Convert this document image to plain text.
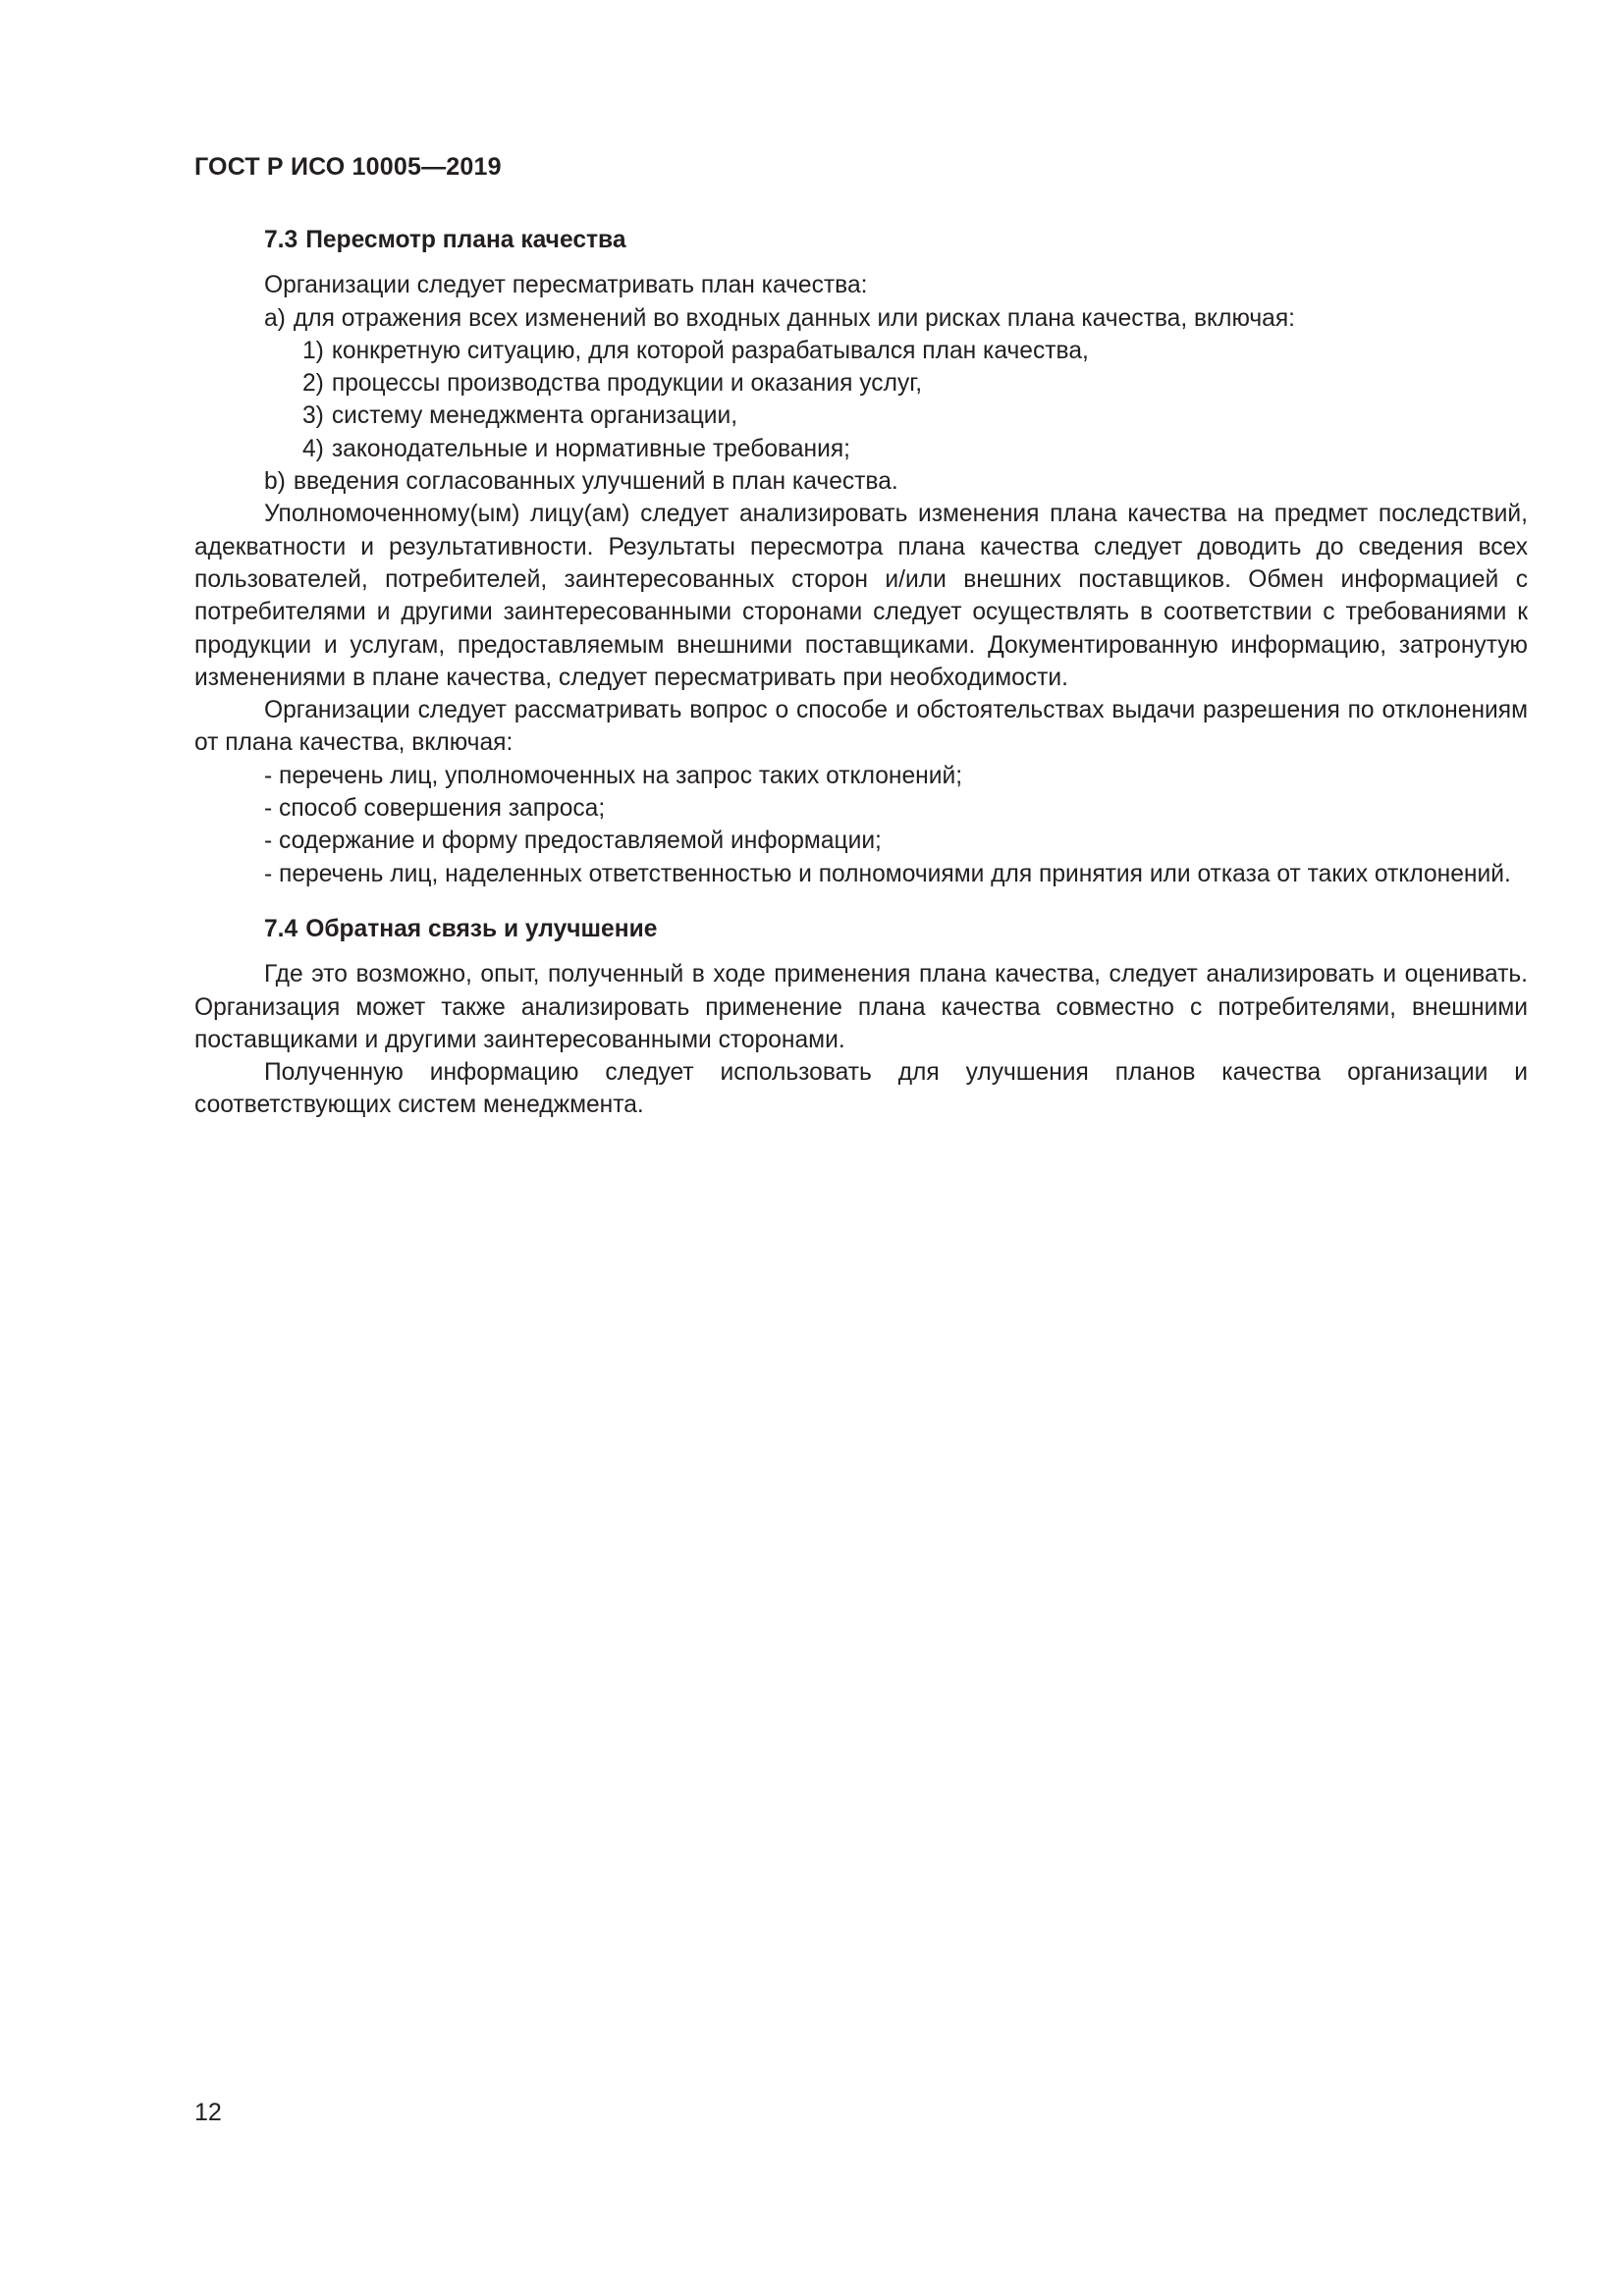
ГОСТ Р ИСО 10005—2019
7.3 Пересмотр плана качества

Организации следует пересматривать план качества:

a) для отражения всех изменений во входных данных или рисках плана качества, включая:
1) конкретную ситуацию, для которой разрабатывался план качества,
2) процессы производства продукции и оказания услуг,
3) систему менеджмента организации,
4) законодательные и нормативные требования;
b) введения согласованных улучшений в план качества.

Уполномоченному(ым) лицу(ам) следует анализировать изменения плана качества на предмет последствий, адекватности и результативности. Результаты пересмотра плана качества следует доводить до сведения всех пользователей, потребителей, заинтересованных сторон и/или внешних поставщиков. Обмен информацией с потребителями и другими заинтересованными сторонами следует осуществлять в соответствии с требованиями к продукции и услугам, предоставляемым внешними поставщиками. Документированную информацию, затронутую изменениями в плане качества, следует пересматривать при необходимости.

Организации следует рассматривать вопрос о способе и обстоятельствах выдачи разрешения по отклонениям от плана качества, включая:

- перечень лиц, уполномоченных на запрос таких отклонений;
- способ совершения запроса;
- содержание и форму предоставляемой информации;
- перечень лиц, наделенных ответственностью и полномочиями для принятия или отказа от таких отклонений.
7.4 Обратная связь и улучшение

Где это возможно, опыт, полученный в ходе применения плана качества, следует анализировать и оценивать. Организация может также анализировать применение плана качества совместно с потребителями, внешними поставщиками и другими заинтересованными сторонами.

Полученную информацию следует использовать для улучшения планов качества организации и соответствующих систем менеджмента.

12
